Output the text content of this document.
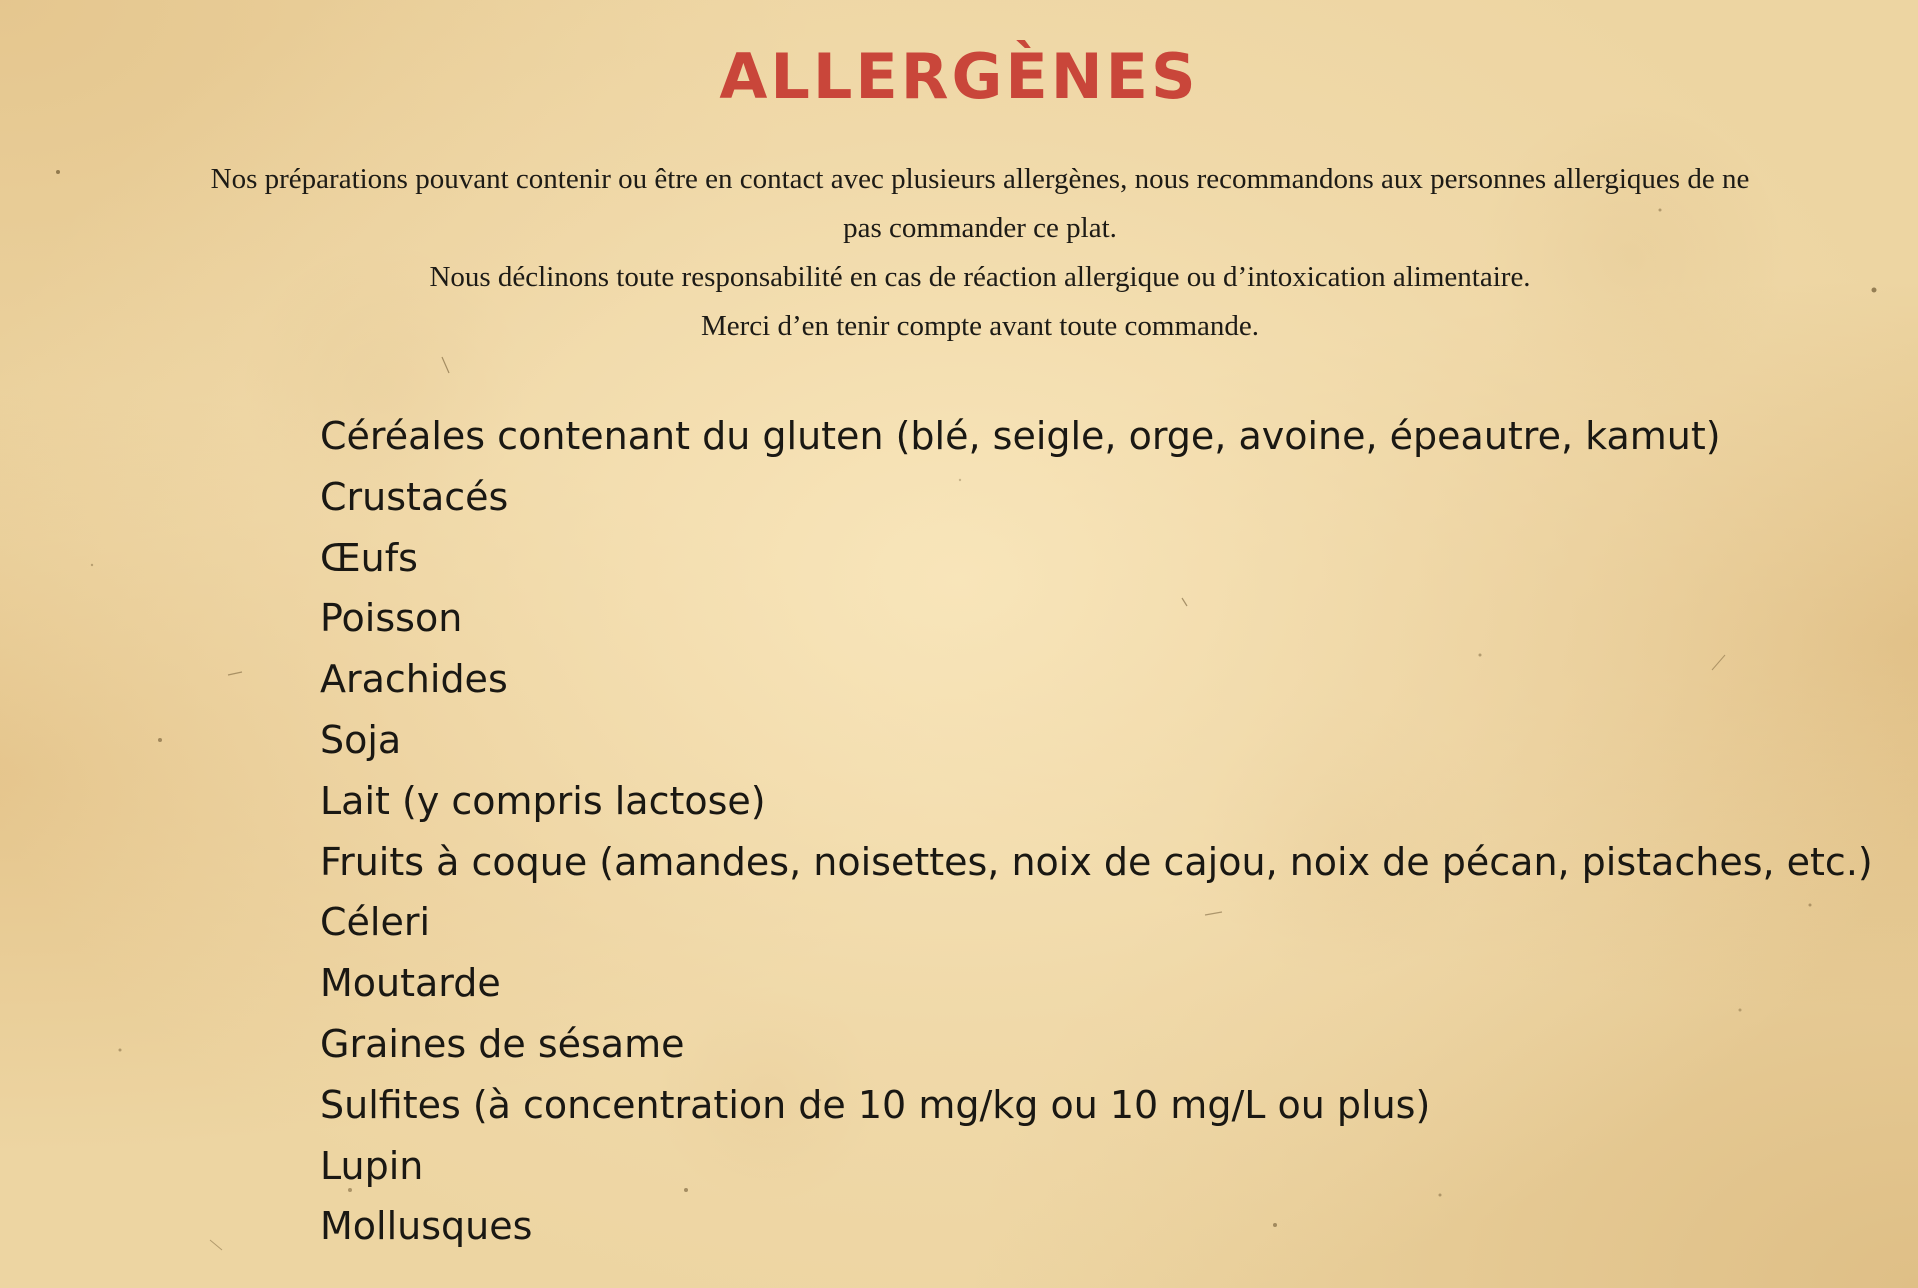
ALLERGÈNES

Nos préparations pouvant contenir ou être en contact avec plusieurs allergènes, nous recommandons aux personnes allergiques de ne pas commander ce plat.

Nous déclinons toute responsabilité en cas de réaction allergique ou d’intoxication alimentaire.

Merci d’en tenir compte avant toute commande.

Céréales contenant du gluten (blé, seigle, orge, avoine, épeautre, kamut)
Crustacés
Œufs
Poisson
Arachides
Soja
Lait (y compris lactose)
Fruits à coque (amandes, noisettes, noix de cajou, noix de pécan, pistaches, etc.)
Céleri
Moutarde
Graines de sésame
Sulfites (à concentration de 10 mg/kg ou 10 mg/L ou plus)
Lupin
Mollusques
